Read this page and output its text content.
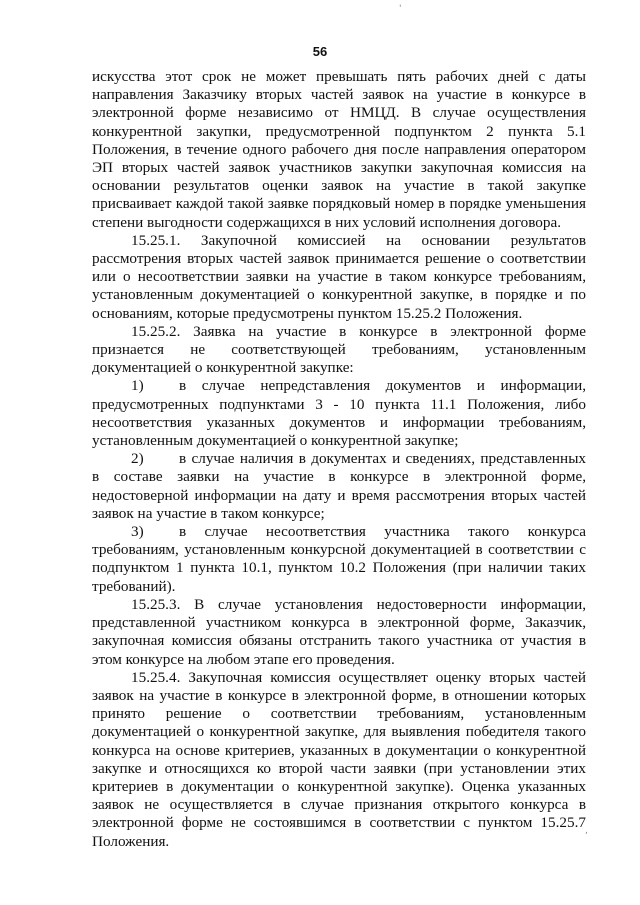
56

искусства этот срок не может превышать пять рабочих дней с даты направления Заказчику вторых частей заявок на участие в конкурсе в электронной форме независимо от НМЦД. В случае осуществления конкурентной закупки, предусмотренной подпунктом 2 пункта 5.1 Положения, в течение одного рабочего дня после направления оператором ЭП вторых частей заявок участников закупки закупочная комиссия на основании результатов оценки заявок на участие в такой закупке присваивает каждой такой заявке порядковый номер в порядке уменьшения степени выгодности содержащихся в них условий исполнения договора.

15.25.1. Закупочной комиссией на основании результатов рассмотрения вторых частей заявок принимается решение о соответствии или о несоответствии заявки на участие в таком конкурсе требованиям, установленным документацией о конкурентной закупке, в порядке и по основаниям, которые предусмотрены пунктом 15.25.2 Положения.

15.25.2. Заявка на участие в конкурсе в электронной форме признается не соответствующей требованиям, установленным документацией о конкурентной закупке:

1) в случае непредставления документов и информации, предусмотренных подпунктами 3 - 10 пункта 11.1 Положения, либо несоответствия указанных документов и информации требованиям, установленным документацией о конкурентной закупке;

2) в случае наличия в документах и сведениях, представленных в составе заявки на участие в конкурсе в электронной форме, недостоверной информации на дату и время рассмотрения вторых частей заявок на участие в таком конкурсе;

3) в случае несоответствия участника такого конкурса требованиям, установленным конкурсной документацией в соответствии с подпунктом 1 пункта 10.1, пунктом 10.2 Положения (при наличии таких требований).

15.25.3. В случае установления недостоверности информации, представленной участником конкурса в электронной форме, Заказчик, закупочная комиссия обязаны отстранить такого участника от участия в этом конкурсе на любом этапе его проведения.

15.25.4. Закупочная комиссия осуществляет оценку вторых частей заявок на участие в конкурсе в электронной форме, в отношении которых принято решение о соответствии требованиям, установленным документацией о конкурентной закупке, для выявления победителя такого конкурса на основе критериев, указанных в документации о конкурентной закупке и относящихся ко второй части заявки (при установлении этих критериев в документации о конкурентной закупке). Оценка указанных заявок не осуществляется в случае признания открытого конкурса в электронной форме не состоявшимся в соответствии с пунктом 15.25.7 Положения.

'
,
